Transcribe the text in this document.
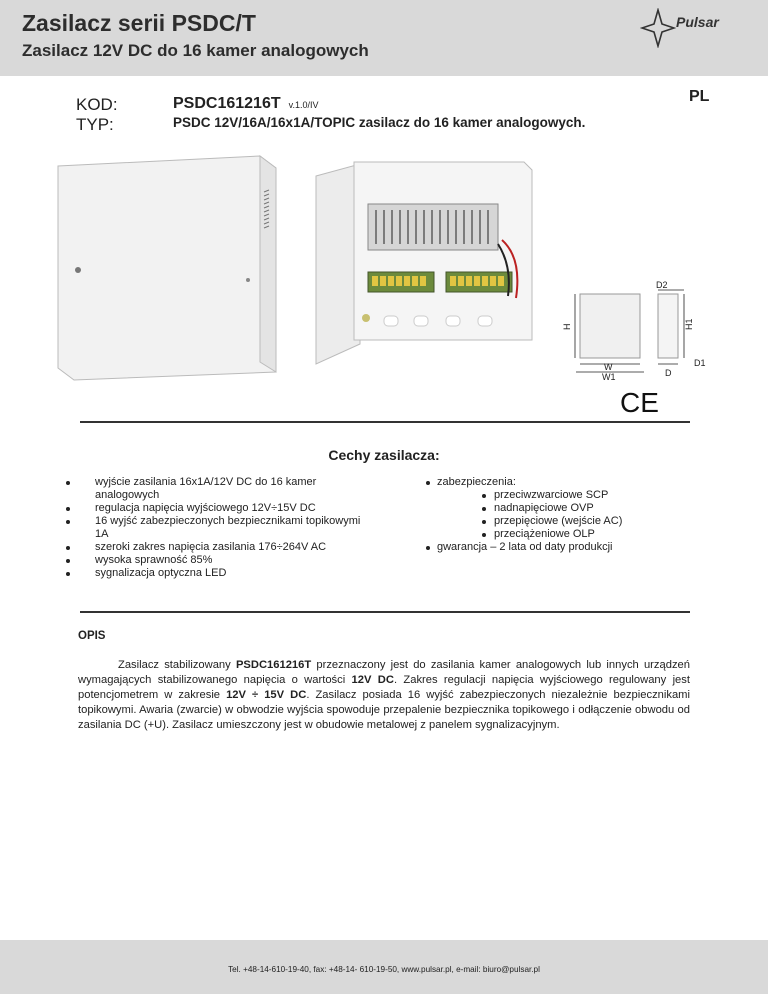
Zasilacz serii PSDC/T
Zasilacz 12V DC do 16 kamer analogowych
Pulsar
PL
KOD:
TYP:
PSDC161216T v.1.0/IV
PSDC 12V/16A/16x1A/TOPIC zasilacz do 16 kamer analogowych.
D2
H	H1
W
W1	D
D1
CE
Cechy zasilacza:
wyjście zasilania 16x1A/12V DC do 16 kamer analogowych
regulacja napięcia wyjściowego 12V÷15V DC
16 wyjść zabezpieczonych bezpiecznikami topikowymi 1A
szeroki zakres napięcia zasilania 176÷264V AC
wysoka sprawność 85%
sygnalizacja optyczna LED
zabezpieczenia:
przeciwzwarciowe SCP
nadnapięciowe OVP
przepięciowe (wejście AC)
przeciążeniowe OLP
gwarancja – 2 lata od daty produkcji
OPIS

Zasilacz stabilizowany PSDC161216T przeznaczony jest do zasilania kamer analogowych lub innych urządzeń wymagających stabilizowanego napięcia o wartości 12V DC. Zakres regulacji napięcia wyjściowego regulowany jest potencjometrem w zakresie 12V ÷ 15V DC. Zasilacz posiada 16 wyjść zabezpieczonych niezależnie bezpiecznikami topikowymi. Awaria (zwarcie) w obwodzie wyjścia spowoduje przepalenie bezpiecznika topikowego i odłączenie obwodu od zasilania DC (+U). Zasilacz umieszczony jest w obudowie metalowej z panelem sygnalizacyjnym.

Tel. +48-14-610-19-40, fax: +48-14- 610-19-50, www.pulsar.pl, e-mail: biuro@pulsar.pl
